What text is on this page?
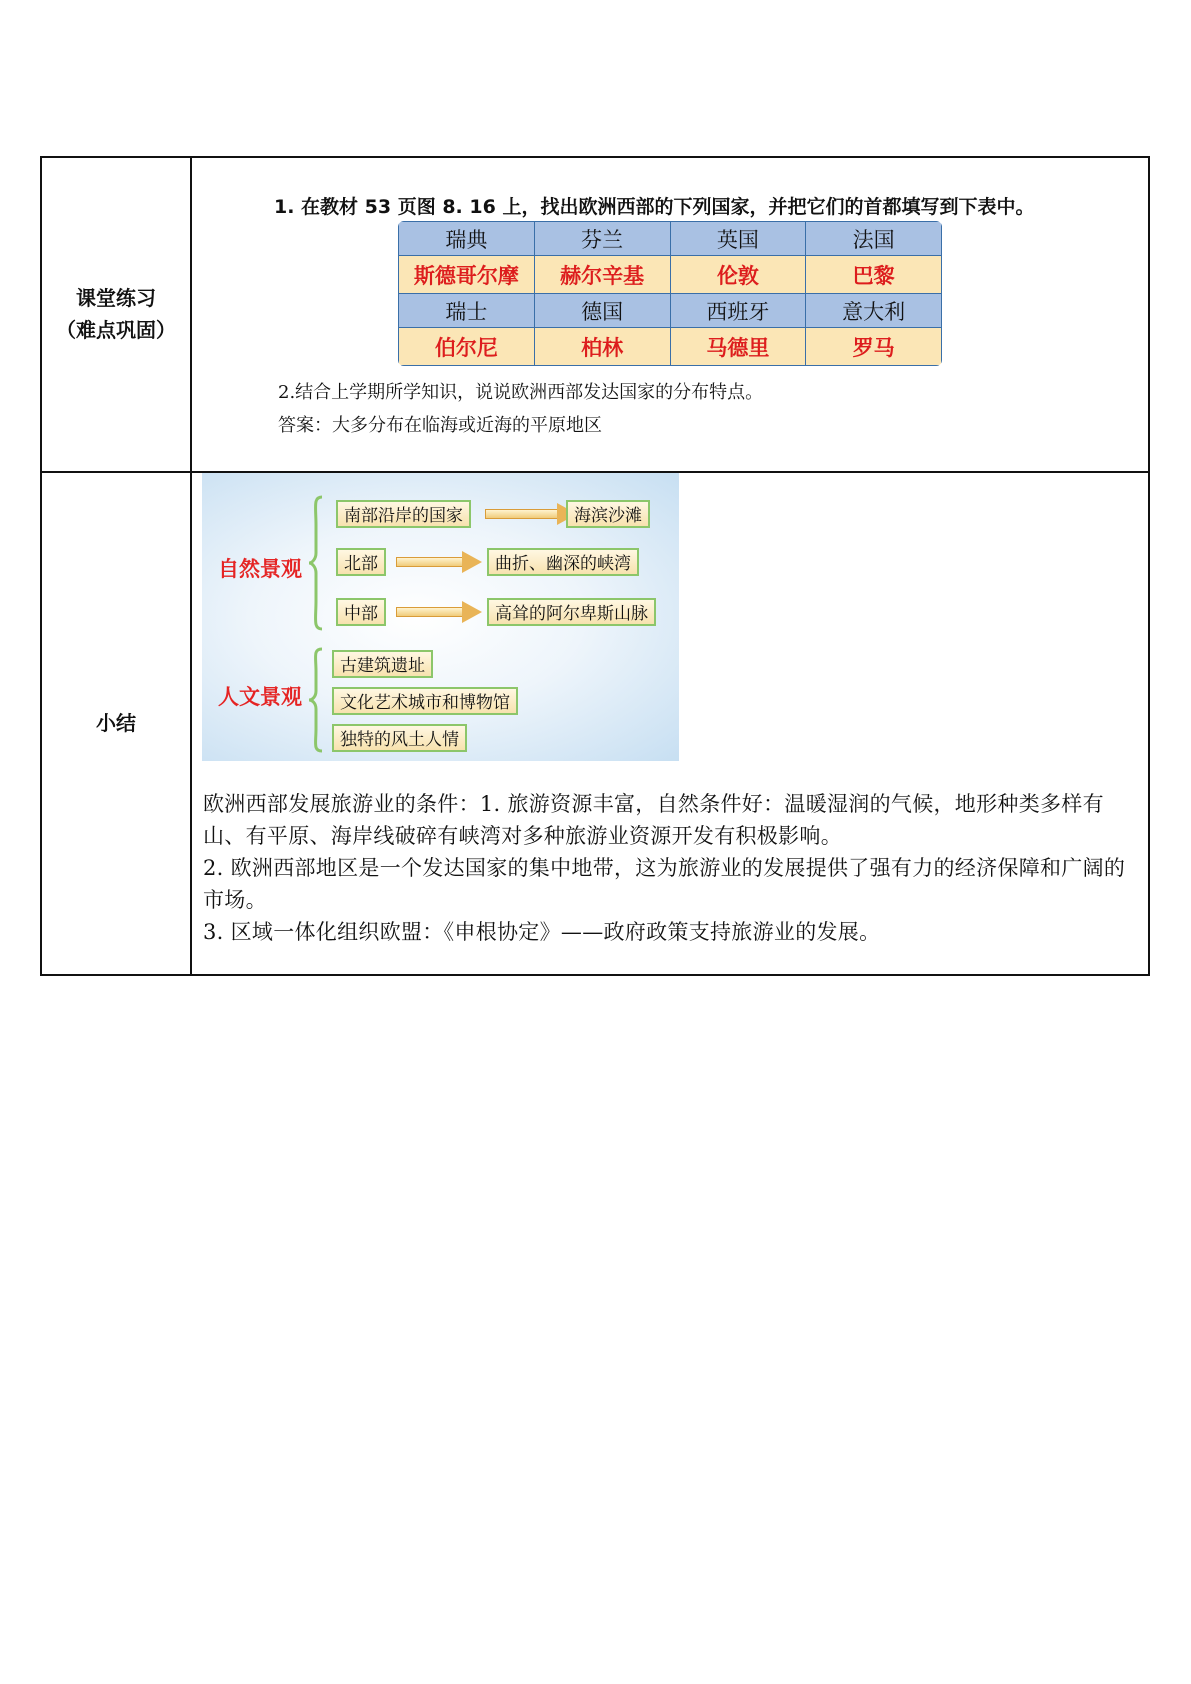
课堂练习
（难点巩固）	

小结	

1. 在教材 53 页图 8. 16 上，找出欧洲西部的下列国家，并把它们的首都填写到下表中。
瑞典	芬兰	英国	法国
斯德哥尔摩	赫尔辛基	伦敦	巴黎
瑞士	德国	西班牙	意大利
伯尔尼	柏林	马德里	罗马
2.结合上学期所学知识，说说欧洲西部发达国家的分布特点。
答案：大多分布在临海或近海的平原地区
自然景观
南部沿岸的国家	海滨沙滩
北部	曲折、幽深的峡湾
中部	高耸的阿尔卑斯山脉
人文景观
古建筑遗址
文化艺术城市和博物馆
独特的风土人情

欧洲西部发展旅游业的条件：1. 旅游资源丰富，自然条件好：温暖湿润的气候，地形种类多样有山、有平原、海岸线破碎有峡湾对多种旅游业资源开发有积极影响。

2. 欧洲西部地区是一个发达国家的集中地带，这为旅游业的发展提供了强有力的经济保障和广阔的市场。

3. 区域一体化组织欧盟：《申根协定》——政府政策支持旅游业的发展。
